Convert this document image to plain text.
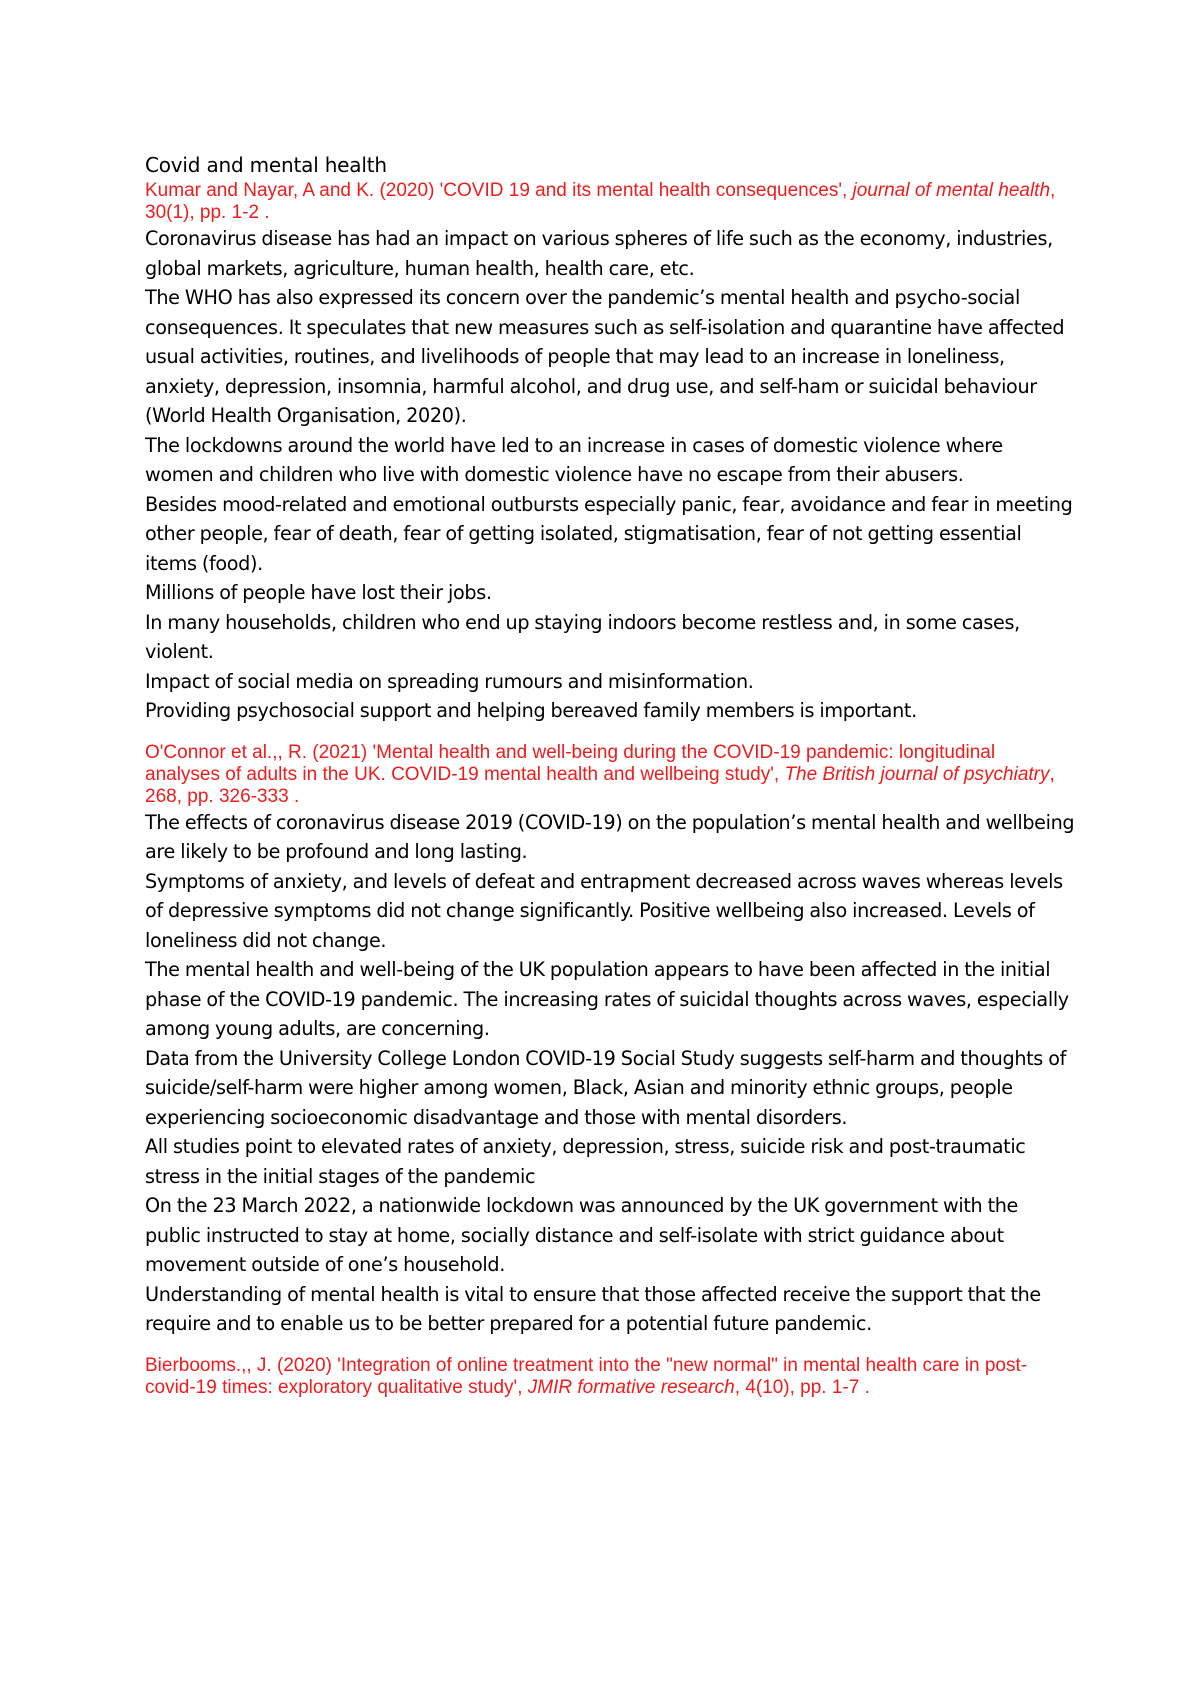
Covid and mental health

Kumar and Nayar, A and K. (2020) 'COVID 19 and its mental health consequences', journal of mental health, 30(1), pp. 1-2 .

Coronavirus disease has had an impact on various spheres of life such as the economy, industries, global markets, agriculture, human health, health care, etc.

The WHO has also expressed its concern over the pandemic’s mental health and psycho-social consequences. It speculates that new measures such as self-isolation and quarantine have affected usual activities, routines, and livelihoods of people that may lead to an increase in loneliness, anxiety, depression, insomnia, harmful alcohol, and drug use, and self-ham or suicidal behaviour (World Health Organisation, 2020).

The lockdowns around the world have led to an increase in cases of domestic violence where women and children who live with domestic violence have no escape from their abusers.

Besides mood-related and emotional outbursts especially panic, fear, avoidance and fear in meeting other people, fear of death, fear of getting isolated, stigmatisation, fear of not getting essential items (food).

Millions of people have lost their jobs.

In many households, children who end up staying indoors become restless and, in some cases, violent.

Impact of social media on spreading rumours and misinformation.

Providing psychosocial support and helping bereaved family members is important.

O'Connor et al.,, R. (2021) 'Mental health and well-being during the COVID-19 pandemic: longitudinal analyses of adults in the UK. COVID-19 mental health and wellbeing study', The British journal of psychiatry, 268, pp. 326-333 .

The effects of coronavirus disease 2019 (COVID-19) on the population’s mental health and wellbeing are likely to be profound and long lasting.

Symptoms of anxiety, and levels of defeat and entrapment decreased across waves whereas levels of depressive symptoms did not change significantly. Positive wellbeing also increased. Levels of loneliness did not change.

The mental health and well-being of the UK population appears to have been affected in the initial phase of the COVID-19 pandemic. The increasing rates of suicidal thoughts across waves, especially among young adults, are concerning.

Data from the University College London COVID-19 Social Study suggests self-harm and thoughts of suicide/self-harm were higher among women, Black, Asian and minority ethnic groups, people experiencing socioeconomic disadvantage and those with mental disorders.

All studies point to elevated rates of anxiety, depression, stress, suicide risk and post-traumatic stress in the initial stages of the pandemic

On the 23 March 2022, a nationwide lockdown was announced by the UK government with the public instructed to stay at home, socially distance and self-isolate with strict guidance about movement outside of one’s household.

Understanding of mental health is vital to ensure that those affected receive the support that the require and to enable us to be better prepared for a potential future pandemic.

Bierbooms.,, J. (2020) 'Integration of online treatment into the "new normal" in mental health care in post-covid-19 times: exploratory qualitative study', JMIR formative research, 4(10), pp. 1-7 .
